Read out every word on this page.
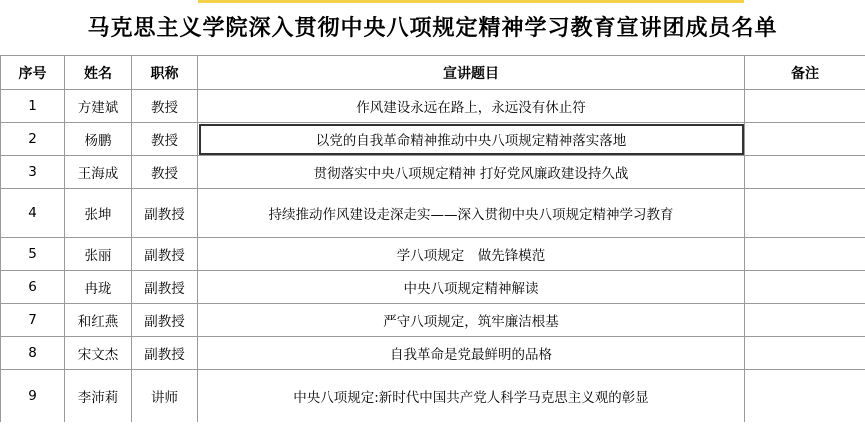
马克思主义学院深入贯彻中央八项规定精神学习教育宣讲团成员名单
序号	姓名	职称	宣讲题目	备注
1	方建斌	教授	作风建设永远在路上，永远没有休止符	
2	杨鹏	教授	以党的自我革命精神推动中央八项规定精神落实落地	
3	王海成	教授	贯彻落实中央八项规定精神 打好党风廉政建设持久战	
4	张坤	副教授	持续推动作风建设走深走实——深入贯彻中央八项规定精神学习教育	
5	张丽	副教授	学八项规定　做先锋模范	
6	冉珑	副教授	中央八项规定精神解读	
7	和红燕	副教授	严守八项规定，筑牢廉洁根基	
8	宋文杰	副教授	自我革命是党最鲜明的品格	
9	李沛莉	讲师	中央八项规定:新时代中国共产党人科学马克思主义观的彰显	
